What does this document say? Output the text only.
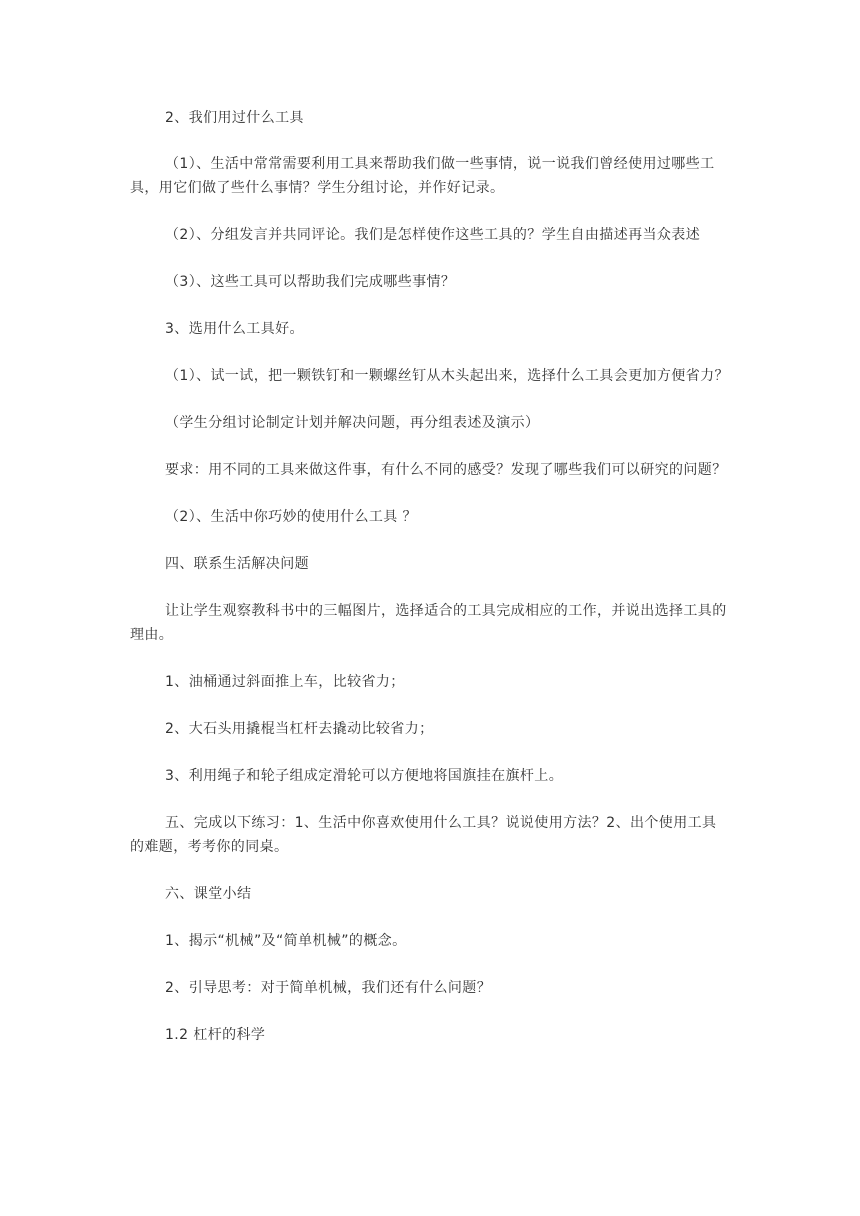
2、我们用过什么工具

（1）、生活中常常需要利用工具来帮助我们做一些事情，说一说我们曾经使用过哪些工具，用它们做了些什么事情？学生分组讨论，并作好记录。

（2）、分组发言并共同评论。我们是怎样使作这些工具的？学生自由描述再当众表述

（3）、这些工具可以帮助我们完成哪些事情？

3、选用什么工具好。

（1）、试一试，把一颗铁钉和一颗螺丝钉从木头起出来，选择什么工具会更加方便省力？

（学生分组讨论制定计划并解决问题，再分组表述及演示）

要求：用不同的工具来做这件事，有什么不同的感受？发现了哪些我们可以研究的问题？

（2）、生活中你巧妙的使用什么工具 ？

四、联系生活解决问题

让让学生观察教科书中的三幅图片，选择适合的工具完成相应的工作，并说出选择工具的理由。

1、油桶通过斜面推上车，比较省力；

2、大石头用撬棍当杠杆去撬动比较省力；

3、利用绳子和轮子组成定滑轮可以方便地将国旗挂在旗杆上。

五、完成以下练习：1、生活中你喜欢使用什么工具？说说使用方法？2、出个使用工具的难题，考考你的同桌。

六、课堂小结

1、揭示“机械”及“简单机械”的概念。

2、引导思考：对于简单机械，我们还有什么问题？

1.2 杠杆的科学
